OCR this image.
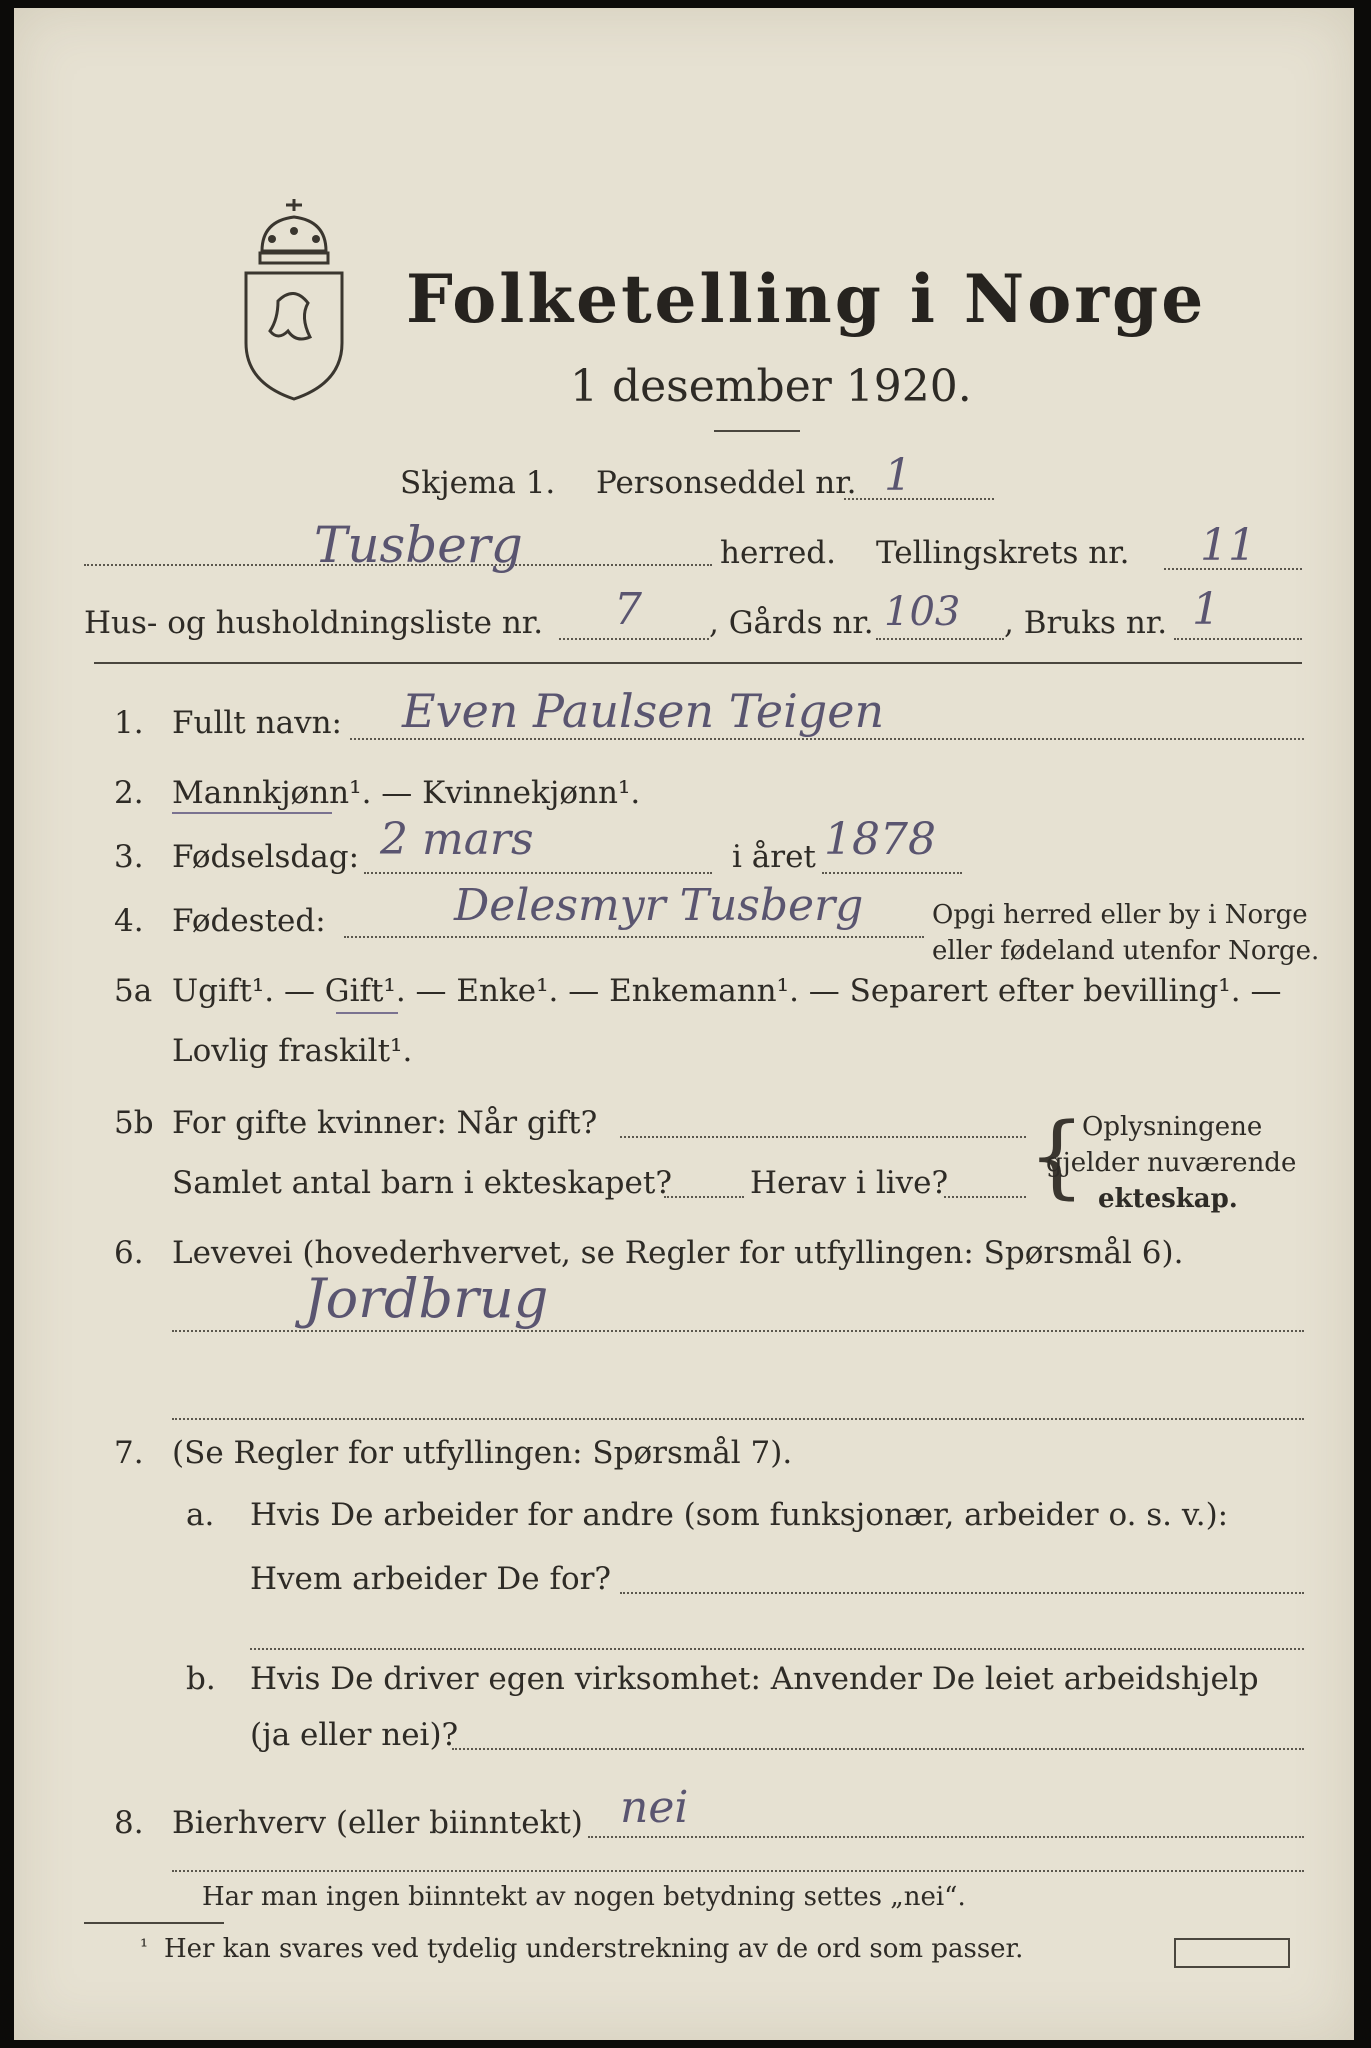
Folketelling i Norge
1 desember 1920.
Skjema 1. Personseddel nr. 1
Tusberg	herred. Tellingskrets nr. 11
Hus- og husholdningsliste nr. 7 , Gårds nr. 103 , Bruks nr. 1
1. Fullt navn: Even Paulsen Teigen
2. Mannkjønn¹. — Kvinnekjønn¹.
3. Fødselsdag: 2 mars	i året 1878
4. Fødested:	Delesmyr Tusberg	Opgi herred eller by i Norge
eller fødeland utenfor Norge.
5a Ugift¹. — Gift¹. — Enke¹. — Enkemann¹. — Separert efter bevilling¹. —
Lovlig fraskilt¹.
5b For gifte kvinner: Når gift?
Samlet antal barn i ekteskapet?	Herav i live? {
Oplysningene
gjelder nuværende
ekteskap.
6. Levevei (hovederhvervet, se Regler for utfyllingen: Spørsmål 6).
Jordbrug
7. (Se Regler for utfyllingen: Spørsmål 7).
a. Hvis De arbeider for andre (som funksjonær, arbeider o. s. v.):
Hvem arbeider De for?
b. Hvis De driver egen virksomhet: Anvender De leiet arbeidshjelp
(ja eller nei)?
8. Bierhverv (eller biinntekt) nei
Har man ingen biinntekt av nogen betydning settes „nei“.
¹ Her kan svares ved tydelig understrekning av de ord som passer.
